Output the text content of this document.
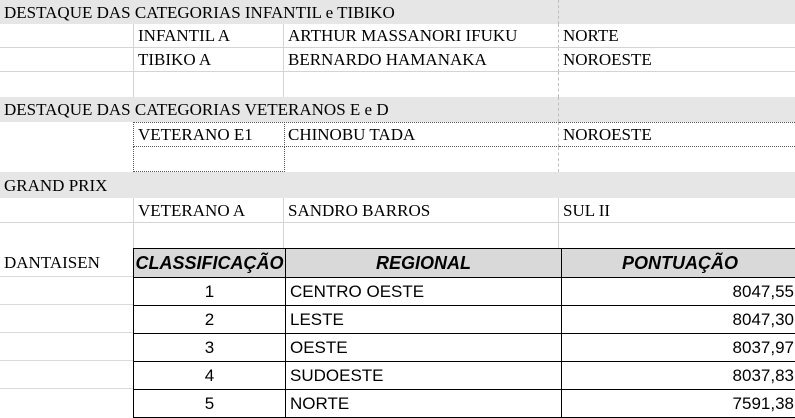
DESTAQUE DAS CATEGORIAS INFANTIL e TIBIKO
INFANTIL A	ARTHUR MASSANORI IFUKU	NORTE
TIBIKO A	BERNARDO HAMANAKA	NOROESTE
DESTAQUE DAS CATEGORIAS VETERANOS E e D
VETERANO E1	CHINOBU TADA	NOROESTE
GRAND PRIX
VETERANO A	SANDRO BARROS	SUL II
DANTAISEN	CLASSIFICAÇÃO	REGIONAL	PONTUAÇÃO

1	CENTRO OESTE	8047,55

2	LESTE	8047,30

3	OESTE	8037,97

4	SUDOESTE	8037,83

5	NORTE	7591,38
